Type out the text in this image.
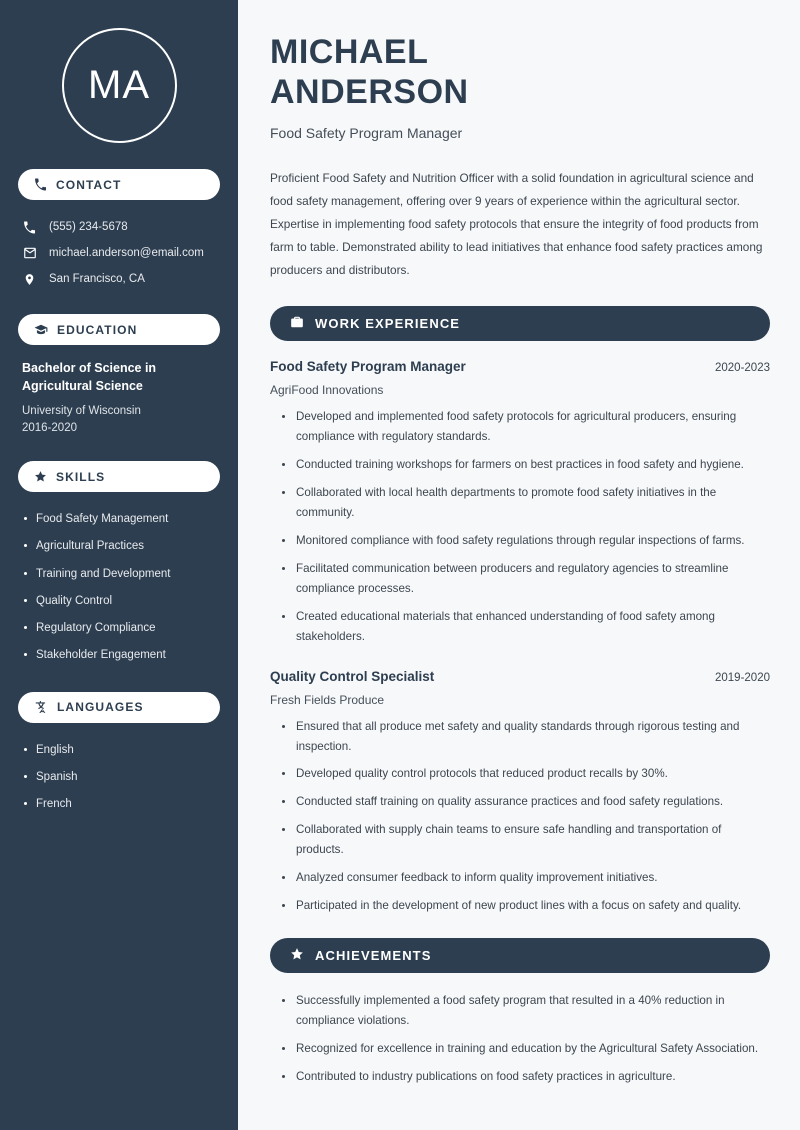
MA
CONTACT
(555) 234-5678
michael.anderson@email.com
San Francisco, CA
EDUCATION
Bachelor of Science in Agricultural Science
University of Wisconsin
2016-2020
SKILLS
Food Safety Management
Agricultural Practices
Training and Development
Quality Control
Regulatory Compliance
Stakeholder Engagement
LANGUAGES
English
Spanish
French
MICHAEL
ANDERSON
Food Safety Program Manager

Proficient Food Safety and Nutrition Officer with a solid foundation in agricultural science and food safety management, offering over 9 years of experience within the agricultural sector. Expertise in implementing food safety protocols that ensure the integrity of food products from farm to table. Demonstrated ability to lead initiatives that enhance food safety practices among producers and distributors.

WORK EXPERIENCE
Food Safety Program Manager	2020-2023
AgriFood Innovations
Developed and implemented food safety protocols for agricultural producers, ensuring compliance with regulatory standards.
Conducted training workshops for farmers on best practices in food safety and hygiene.
Collaborated with local health departments to promote food safety initiatives in the community.
Monitored compliance with food safety regulations through regular inspections of farms.
Facilitated communication between producers and regulatory agencies to streamline compliance processes.
Created educational materials that enhanced understanding of food safety among stakeholders.
Quality Control Specialist	2019-2020
Fresh Fields Produce
Ensured that all produce met safety and quality standards through rigorous testing and inspection.
Developed quality control protocols that reduced product recalls by 30%.
Conducted staff training on quality assurance practices and food safety regulations.
Collaborated with supply chain teams to ensure safe handling and transportation of products.
Analyzed consumer feedback to inform quality improvement initiatives.
Participated in the development of new product lines with a focus on safety and quality.
ACHIEVEMENTS
Successfully implemented a food safety program that resulted in a 40% reduction in compliance violations.
Recognized for excellence in training and education by the Agricultural Safety Association.
Contributed to industry publications on food safety practices in agriculture.
